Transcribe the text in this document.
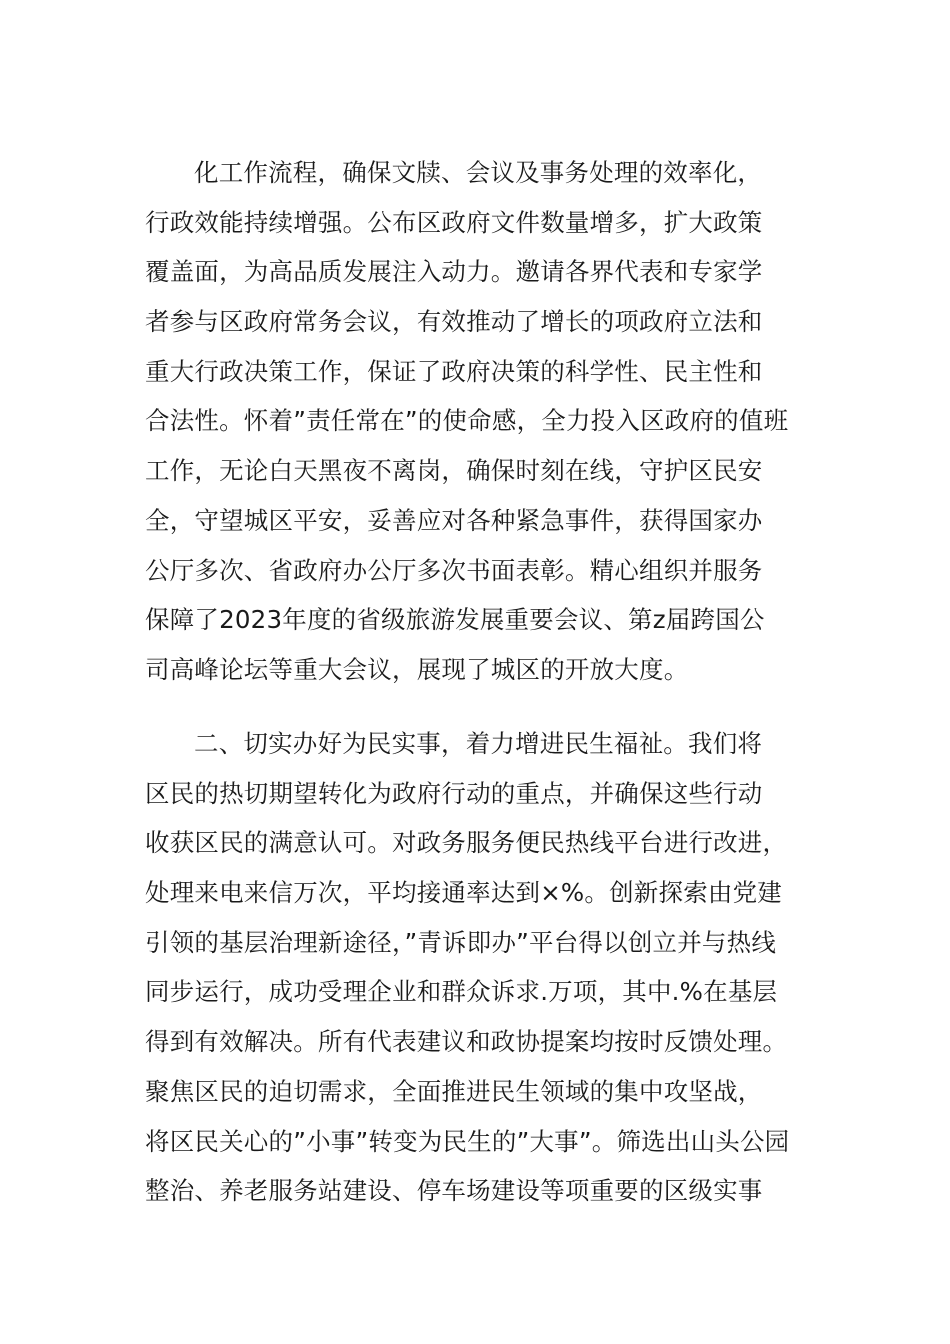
化工作流程，确保文牍、会议及事务处理的效率化，
行政效能持续增强。公布区政府文件数量增多，扩大政策
覆盖面，为高品质发展注入动力。邀请各界代表和专家学
者参与区政府常务会议，有效推动了增长的项政府立法和
重大行政决策工作，保证了政府决策的科学性、民主性和
合法性。怀着”责任常在”的使命感，全力投入区政府的值班
工作，无论白天黑夜不离岗，确保时刻在线，守护区民安
全，守望城区平安，妥善应对各种紧急事件，获得国家办
公厅多次、省政府办公厅多次书面表彰。精心组织并服务
保障了2023年度的省级旅游发展重要会议、第z届跨国公
司高峰论坛等重大会议，展现了城区的开放大度。
二、切实办好为民实事，着力增进民生福祉。我们将
区民的热切期望转化为政府行动的重点，并确保这些行动
收获区民的满意认可。对政务服务便民热线平台进行改进，
处理来电来信万次，平均接通率达到×%。创新探索由党建
引领的基层治理新途径，”青诉即办”平台得以创立并与热线
同步运行，成功受理企业和群众诉求.万项，其中.%在基层
得到有效解决。所有代表建议和政协提案均按时反馈处理。
聚焦区民的迫切需求，全面推进民生领域的集中攻坚战，
将区民关心的”小事”转变为民生的”大事”。筛选出山头公园
整治、养老服务站建设、停车场建设等项重要的区级实事
